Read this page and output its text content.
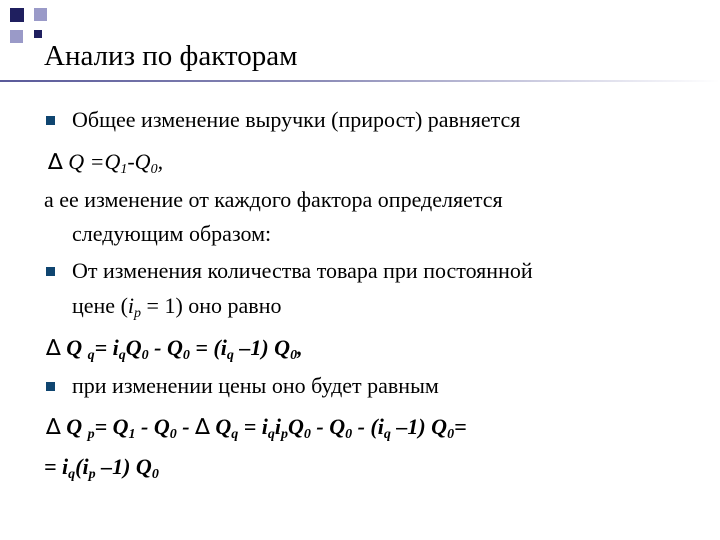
Анализ по факторам
Общее изменение выручки (прирост) равняется
∆ $Q =Q_1-Q_0$,
а ее изменение от каждого фактора определяется
следующим образом:
От изменения количества товара при постоянной
цене $(i_p = 1)$ оно равно
∆ Q $_q= i_qQ_0 - Q_0 = (i_q$ –1) $Q_0$,
при изменении цены оно будет равным
∆ Q $_p= Q_1 - Q_0$ - ∆ $Q_q = i_qi_pQ_0 - Q_0 - (i_q$ –1) $Q_0=$
= $i_q(i_p$ –1) $Q_0$
